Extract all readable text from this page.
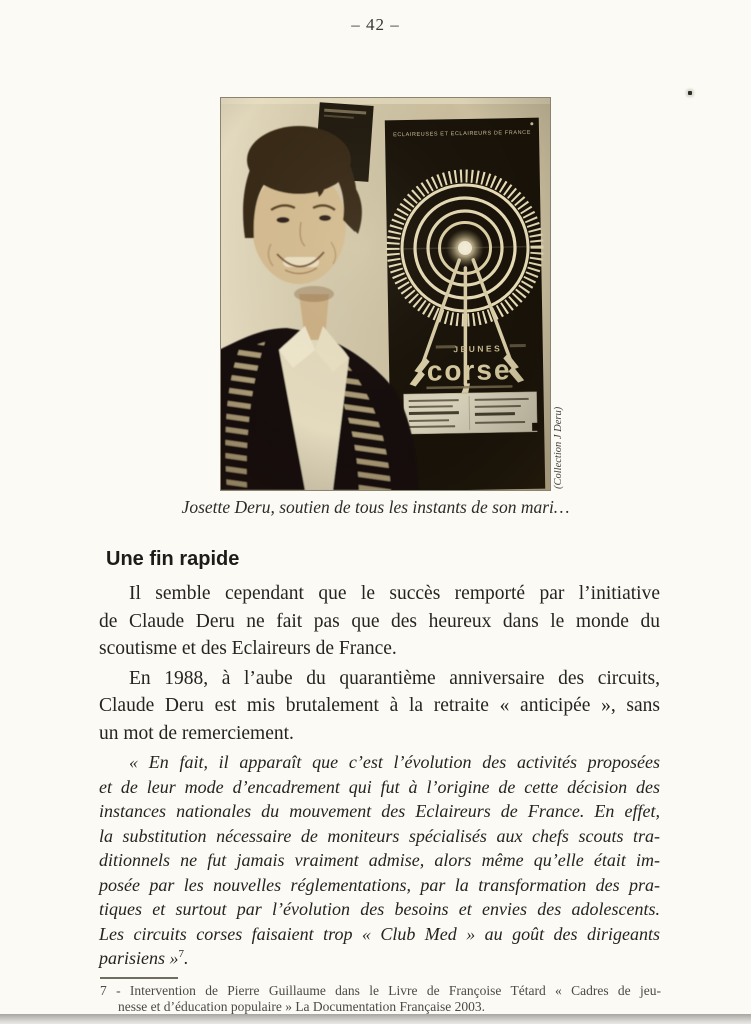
– 42 –
(Collection J Deru)
Josette Deru, soutien de tous les instants de son mari…
Une fin rapide
Il semble cependant que le succès remporté par l’initiative
de Claude Deru ne fait pas que des heureux dans le monde du
scoutisme et des Eclaireurs de France.
En 1988, à l’aube du quarantième anniversaire des circuits,
Claude Deru est mis brutalement à la retraite « anticipée », sans
un mot de remerciement.
« En fait, il apparaît que c’est l’évolution des activités proposées
et de leur mode d’encadrement qui fut à l’origine de cette décision des
instances nationales du mouvement des Eclaireurs de France. En effet,
la substitution nécessaire de moniteurs spécialisés aux chefs scouts tra-
ditionnels ne fut jamais vraiment admise, alors même qu’elle était im-
posée par les nouvelles réglementations, par la transformation des pra-
tiques et surtout par l’évolution des besoins et envies des adolescents.
Les circuits corses faisaient trop « Club Med » au goût des dirigeants
parisiens »$^7$.
7 - Intervention de Pierre Guillaume dans le Livre de Françoise Tétard « Cadres de jeu-
nesse et d’éducation populaire » La Documentation Française 2003.
